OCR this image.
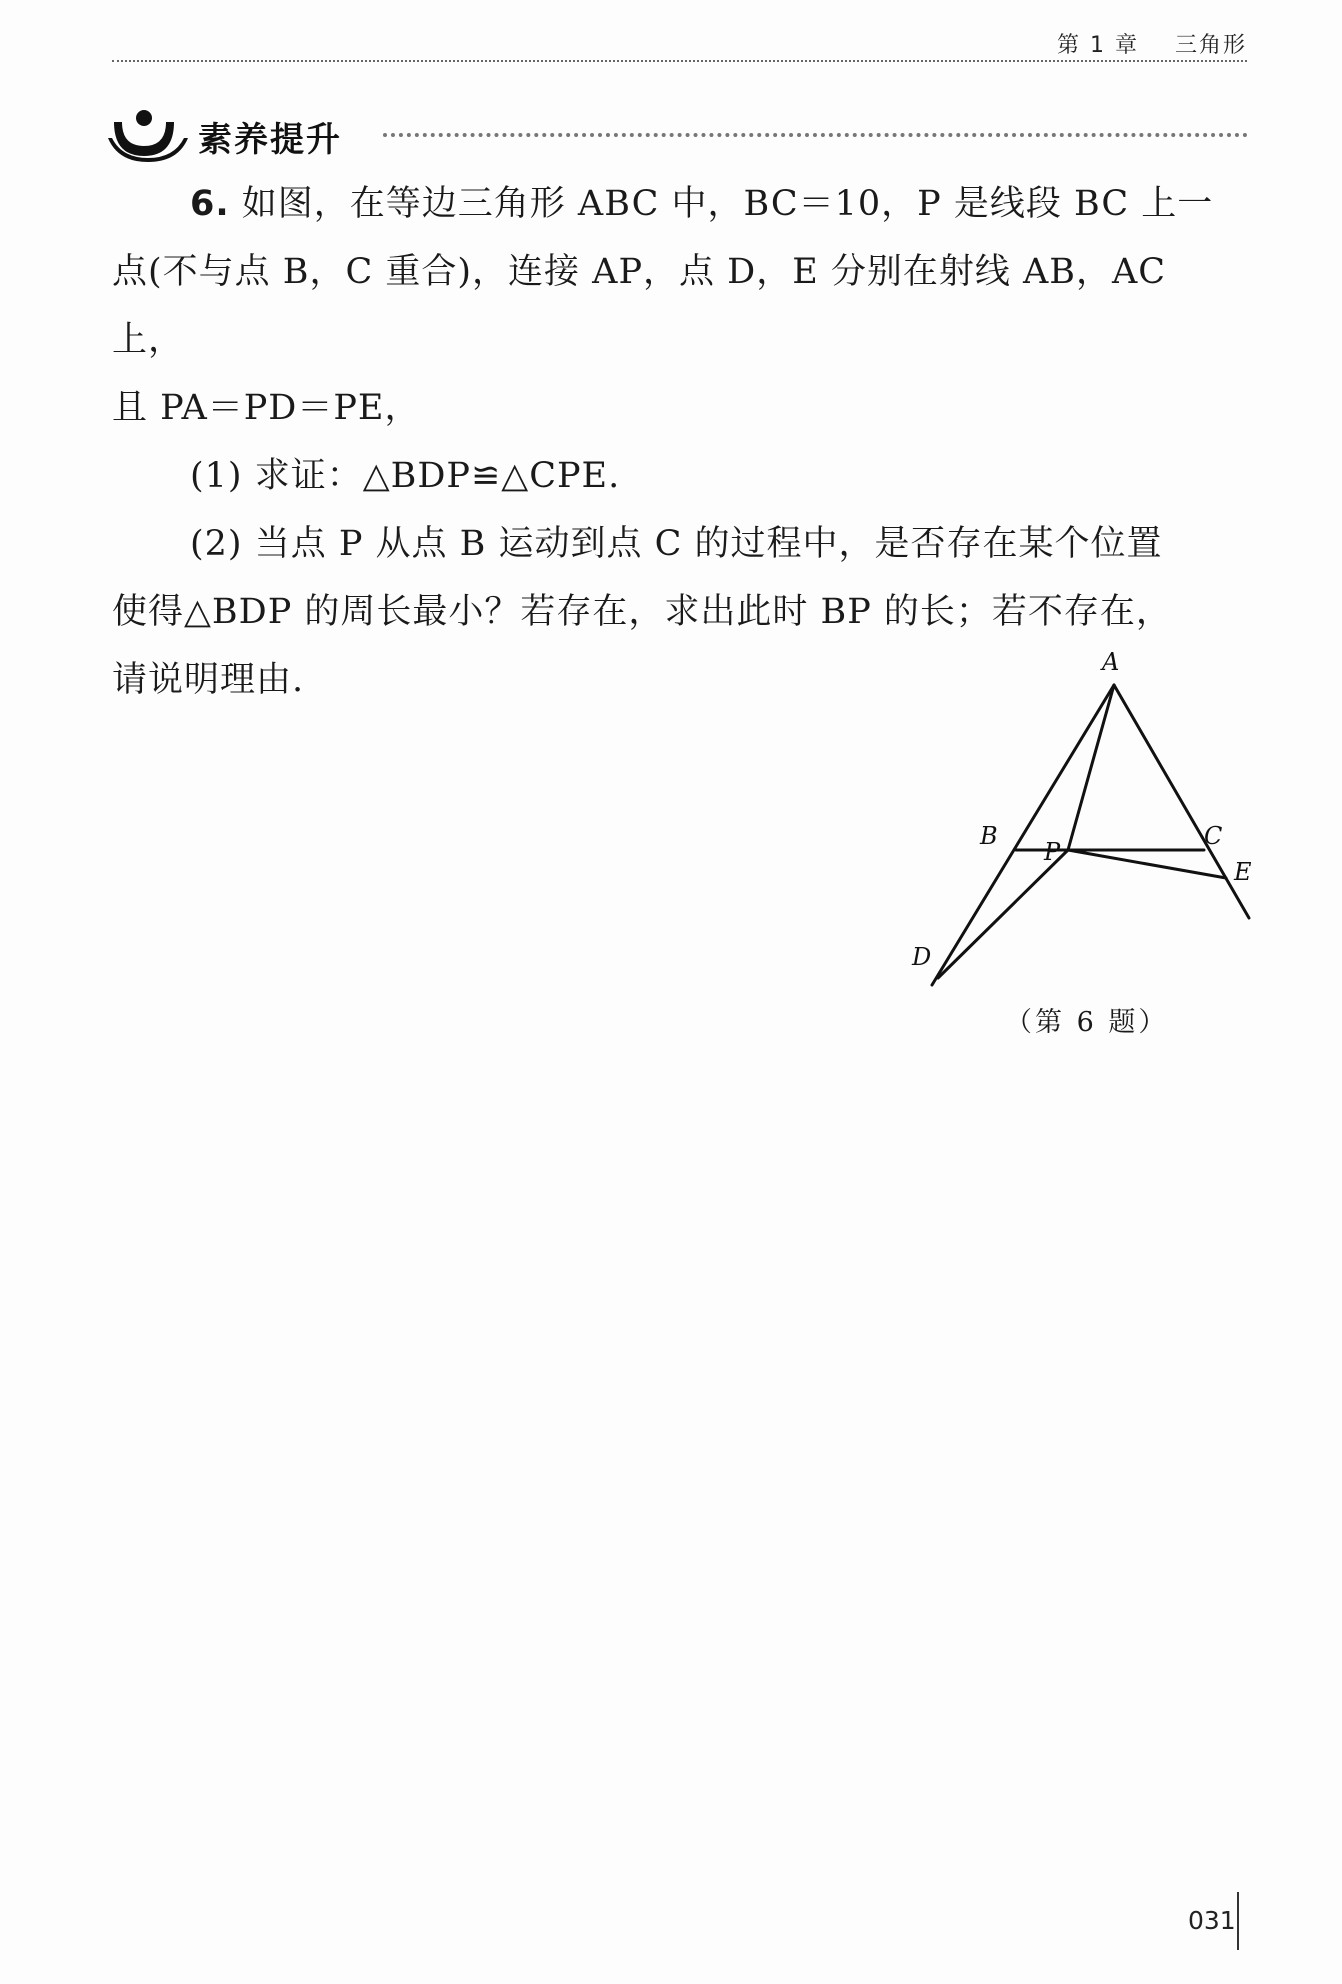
第 1 章 三角形
素养提升

6. 如图，在等边三角形 ABC 中，BC＝10，P 是线段 BC 上一

点(不与点 B，C 重合)，连接 AP，点 D，E 分别在射线 AB，AC 上，

且 PA＝PD＝PE，

(1) 求证：△BDP≌△CPE.

(2) 当点 P 从点 B 运动到点 C 的过程中，是否存在某个位置

使得△BDP 的周长最小？若存在，求出此时 BP 的长；若不存在，

请说明理由.	A
B	C
P
E
D
（第 6 题）
031
